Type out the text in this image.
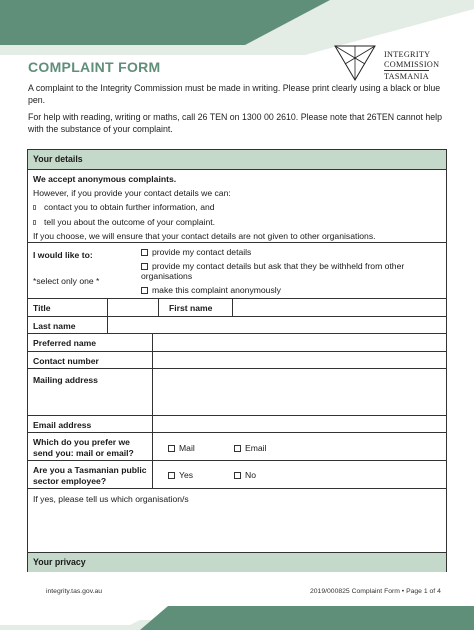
INTEGRITY
COMMISSION
TASMANIA
COMPLAINT FORM

A complaint to the Integrity Commission must be made in writing. Please print clearly using a black or blue pen.

For help with reading, writing or maths, call 26 TEN on 1300 00 2610. Please note that 26TEN cannot help with the substance of your complaint.

Your details
We accept anonymous complaints.
However, if you provide your contact details we can:
contact you to obtain further information, and
tell you about the outcome of your complaint.
If you choose, we will ensure that your contact details are not given to other organisations.
I would like to:
*select only one *
provide my contact details
provide my contact details but ask that they be withheld from other organisations
make this complaint anonymously
Title	First name
Last name
Preferred name
Contact number
Mailing address
Email address
Which do you prefer we send you: mail or email?	Mail	Email
Are you a Tasmanian public sector employee?
Yes	No
If yes, please tell us which organisation/s
Your privacy
integrity.tas.gov.au	2019/000825 Complaint Form • Page 1 of 4
